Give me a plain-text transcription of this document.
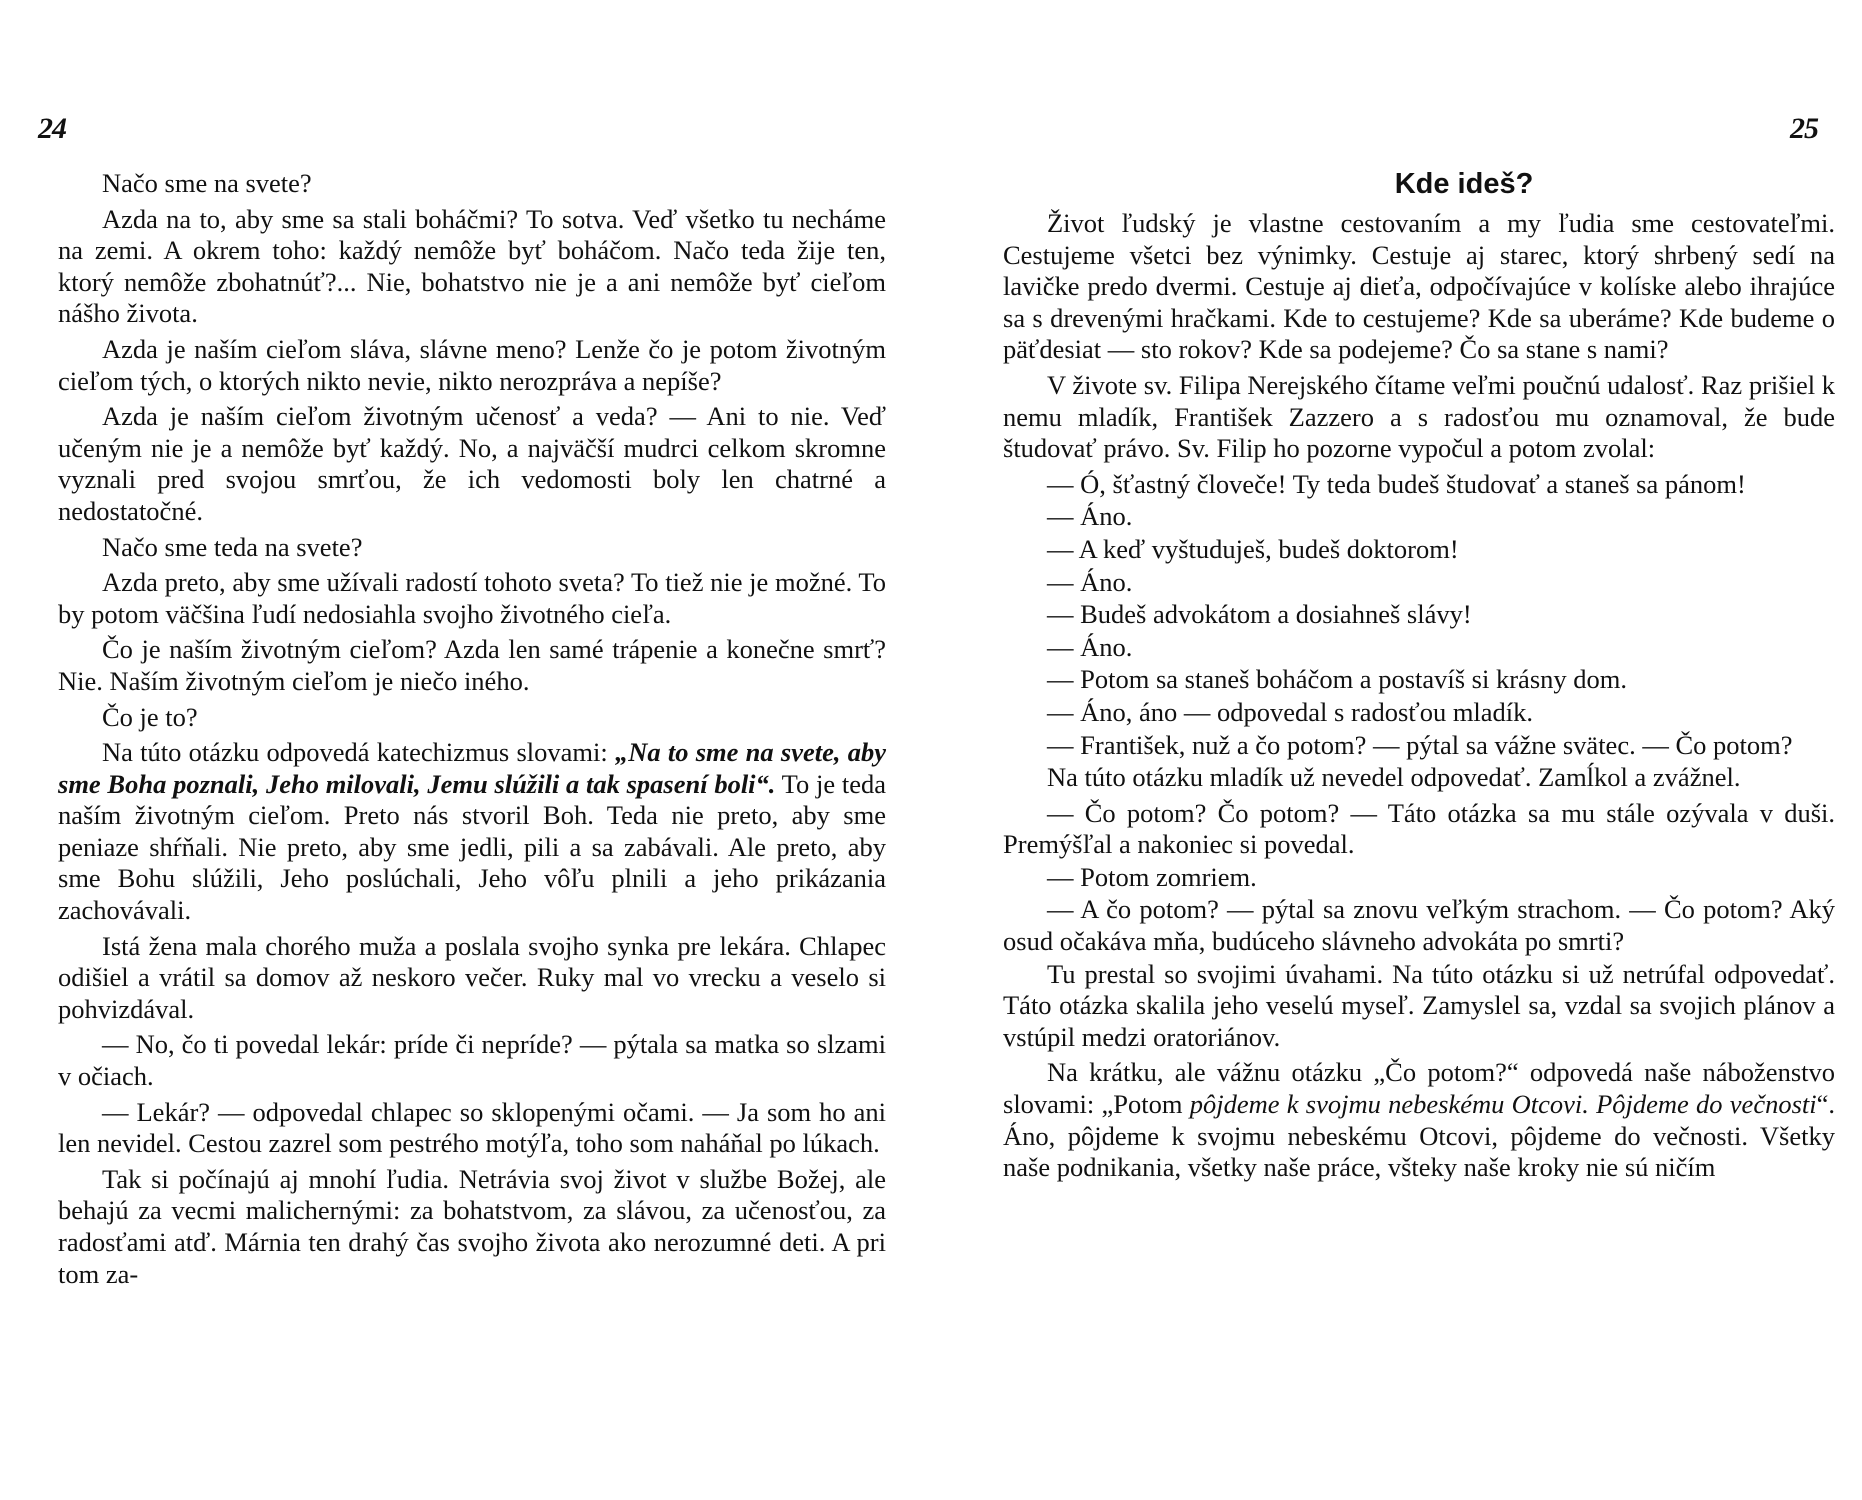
24

Načo sme na svete?

Azda na to, aby sme sa stali boháčmi? To sotva. Veď všetko tu necháme na zemi. A okrem toho: každý nemôže byť boháčom. Načo teda žije ten, ktorý nemôže zbohatnúť?... Nie, bohatstvo nie je a ani nemôže byť cieľom nášho života.

Azda je naším cieľom sláva, slávne meno? Lenže čo je potom životným cieľom tých, o ktorých nikto nevie, nikto nerozpráva a nepíše?

Azda je naším cieľom životným učenosť a veda? — Ani to nie. Veď učeným nie je a nemôže byť každý. No, a najväčší mudrci celkom skromne vyznali pred svojou smrťou, že ich vedomosti boly len chatrné a nedostatočné.

Načo sme teda na svete?

Azda preto, aby sme užívali radostí tohoto sveta? To tiež nie je možné. To by potom väčšina ľudí nedosiahla svojho životného cieľa.

Čo je naším životným cieľom? Azda len samé trápenie a konečne smrť? Nie. Naším životným cieľom je niečo iného.

Čo je to?

Na túto otázku odpovedá katechizmus slovami: „Na to sme na svete, aby sme Boha poznali, Jeho milovali, Jemu slúžili a tak spasení boli“. To je teda naším životným cieľom. Preto nás stvoril Boh. Teda nie preto, aby sme peniaze shŕňali. Nie preto, aby sme jedli, pili a sa zabávali. Ale preto, aby sme Bohu slúžili, Jeho poslúchali, Jeho vôľu plnili a jeho prikázania zachovávali.

Istá žena mala chorého muža a poslala svojho synka pre lekára. Chlapec odišiel a vrátil sa domov až neskoro večer. Ruky mal vo vrecku a veselo si pohvizdával.

— No, čo ti povedal lekár: príde či nepríde? — pýtala sa matka so slzami v očiach.

— Lekár? — odpovedal chlapec so sklopenými očami. — Ja som ho ani len nevidel. Cestou zazrel som pestrého motýľa, toho som naháňal po lúkach.

Tak si počínajú aj mnohí ľudia. Netrávia svoj život v službe Božej, ale behajú za vecmi malichernými: za bohatstvom, za slávou, za učenosťou, za radosťami atď. Márnia ten drahý čas svojho života ako nerozumné deti. A pri tom za-

25
Kde ideš?

Život ľudský je vlastne cestovaním a my ľudia sme cestovateľmi. Cestujeme všetci bez výnimky. Cestuje aj starec, ktorý shrbený sedí na lavičke predo dvermi. Cestuje aj dieťa, odpočívajúce v kolíske alebo ihrajúce sa s drevenými hračkami. Kde to cestujeme? Kde sa uberáme? Kde budeme o päťdesiat — sto rokov? Kde sa podejeme? Čo sa stane s nami?

V živote sv. Filipa Nerejského čítame veľmi poučnú udalosť. Raz prišiel k nemu mladík, František Zazzero a s radosťou mu oznamoval, že bude študovať právo. Sv. Filip ho pozorne vypočul a potom zvolal:

— Ó, šťastný človeče! Ty teda budeš študovať a staneš sa pánom!

— Áno.

— A keď vyštuduješ, budeš doktorom!

— Áno.

— Budeš advokátom a dosiahneš slávy!

— Áno.

— Potom sa staneš boháčom a postavíš si krásny dom.

— Áno, áno — odpovedal s radosťou mladík.

— František, nuž a čo potom? — pýtal sa vážne svätec. — Čo potom?

Na túto otázku mladík už nevedel odpovedať. Zamĺkol a zvážnel.

— Čo potom? Čo potom? — Táto otázka sa mu stále ozývala v duši. Premýšľal a nakoniec si povedal.

— Potom zomriem.

— A čo potom? — pýtal sa znovu veľkým strachom. — Čo potom? Aký osud očakáva mňa, budúceho slávneho advokáta po smrti?

Tu prestal so svojimi úvahami. Na túto otázku si už netrúfal odpovedať. Táto otázka skalila jeho veselú myseľ. Zamyslel sa, vzdal sa svojich plánov a vstúpil medzi oratoriánov.

Na krátku, ale vážnu otázku „Čo potom?“ odpovedá naše náboženstvo slovami: „Potom pôjdeme k svojmu nebeskému Otcovi. Pôjdeme do večnosti“. Áno, pôjdeme k svojmu nebeskému Otcovi, pôjdeme do večnosti. Všetky naše podnikania, všetky naše práce, všteky naše kroky nie sú ničím
